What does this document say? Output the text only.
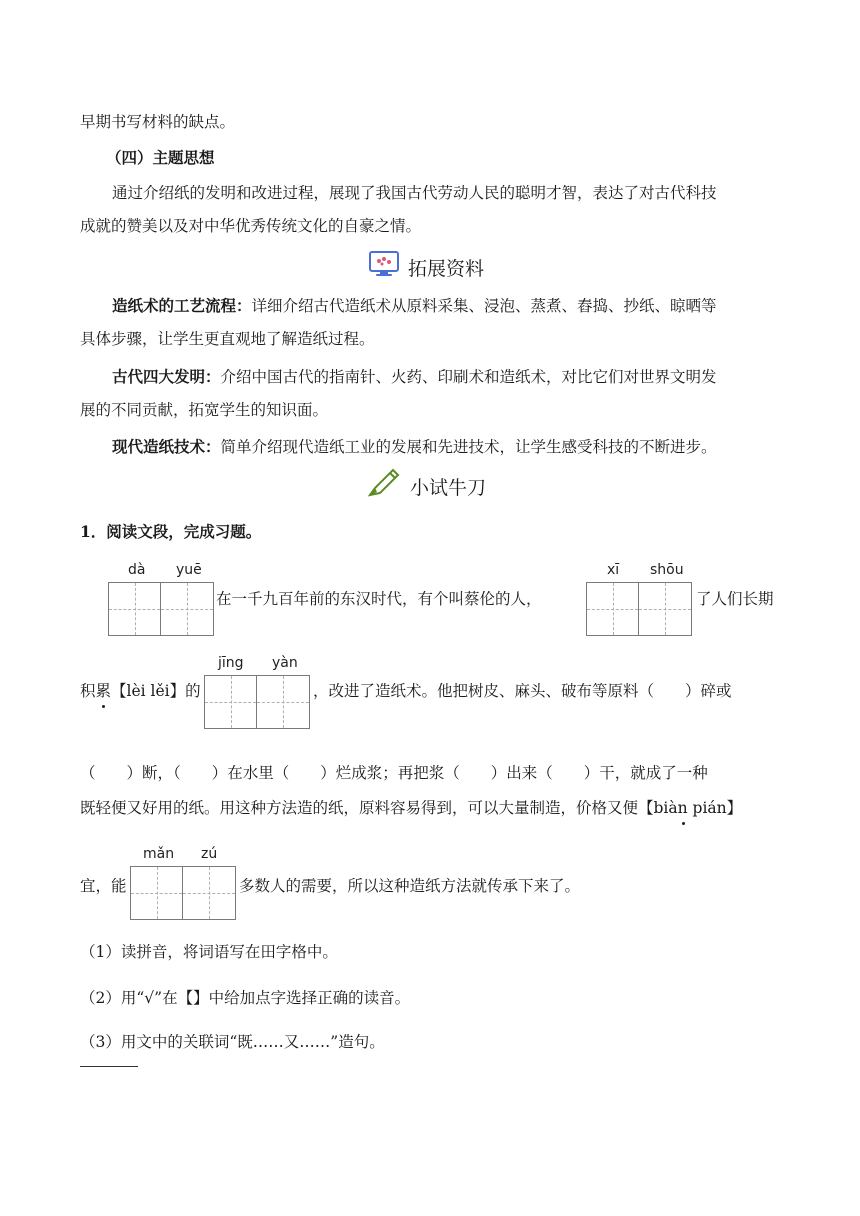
早期书写材料的缺点。
（四）主题思想
通过介绍纸的发明和改进过程，展现了我国古代劳动人民的聪明才智，表达了对古代科技
成就的赞美以及对中华优秀传统文化的自豪之情。
拓展资料
造纸术的工艺流程：详细介绍古代造纸术从原料采集、浸泡、蒸煮、舂捣、抄纸、晾晒等
具体步骤，让学生更直观地了解造纸过程。
古代四大发明：介绍中国古代的指南针、火药、印刷术和造纸术，对比它们对世界文明发
展的不同贡献，拓宽学生的知识面。
现代造纸技术：简单介绍现代造纸工业的发展和先进技术，让学生感受科技的不断进步。
小试牛刀
1．阅读文段，完成习题。
dà yuē
在一千九百年前的东汉时代，有个叫蔡伦的人，
xī shōu
了人们长期
积累【lèi lěi】的
jīng yàn
，改进了造纸术。他把树皮、麻头、破布等原料（　　）碎或
（　　）断，（　　）在水里（　　）烂成浆；再把浆（　　）出来（　　）干，就成了一种
既轻便又好用的纸。用这种方法造的纸，原料容易得到，可以大量制造，价格又便【biàn pián】
宜，能
mǎn zú
多数人的需要，所以这种造纸方法就传承下来了。
（1）读拼音，将词语写在田字格中。
（2）用“√”在【】中给加点字选择正确的读音。
（3）用文中的关联词“既……又……”造句。
